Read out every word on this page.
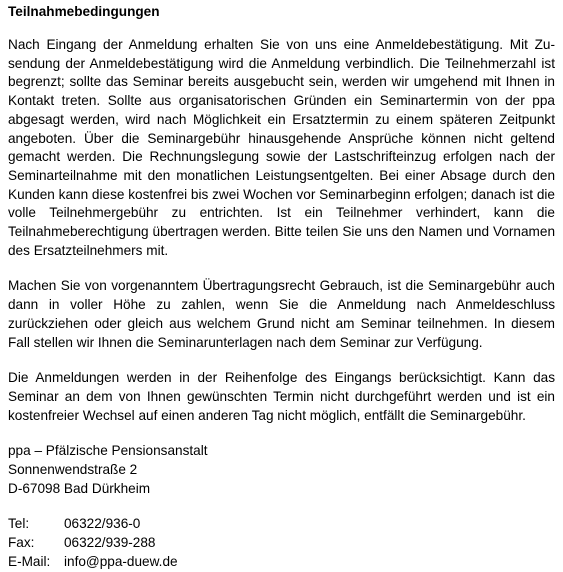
Teilnahmebedingungen

Nach Eingang der Anmeldung erhalten Sie von uns eine Anmeldebestätigung. Mit Zusendung der Anmeldebestätigung wird die Anmeldung verbindlich. Die Teilnehmerzahl ist begrenzt; sollte das Seminar bereits ausgebucht sein, werden wir umgehend mit Ihnen in Kontakt treten. Sollte aus organisatorischen Gründen ein Seminartermin von der ppa abgesagt werden, wird nach Möglichkeit ein Ersatztermin zu einem späteren Zeitpunkt angeboten. Über die Seminargebühr hinausgehende Ansprüche können nicht geltend gemacht werden. Die Rechnungslegung sowie der Lastschrifteinzug erfolgen nach der Seminarteilnahme mit den monatlichen Leistungsentgelten. Bei einer Absage durch den Kunden kann diese kostenfrei bis zwei Wochen vor Seminarbeginn erfolgen; danach ist die volle Teilnehmergebühr zu entrichten. Ist ein Teilnehmer verhindert, kann die Teilnahmeberechtigung übertragen werden. Bitte teilen Sie uns den Namen und Vornamen des Ersatzteilnehmers mit.

Machen Sie von vorgenanntem Übertragungsrecht Gebrauch, ist die Seminargebühr auch dann in voller Höhe zu zahlen, wenn Sie die Anmeldung nach Anmeldeschluss zurückziehen oder gleich aus welchem Grund nicht am Seminar teilnehmen. In diesem Fall stellen wir Ihnen die Seminarunterlagen nach dem Seminar zur Verfügung.

Die Anmeldungen werden in der Reihenfolge des Eingangs berücksichtigt. Kann das Seminar an dem von Ihnen gewünschten Termin nicht durchgeführt werden und ist ein kostenfreier Wechsel auf einen anderen Tag nicht möglich, entfällt die Seminargebühr.

ppa – Pfälzische Pensionsanstalt
Sonnenwendstraße 2
D-67098 Bad Dürkheim
Tel:	06322/936-0
Fax:	06322/939-288
E-Mail:	info@ppa-duew.de
